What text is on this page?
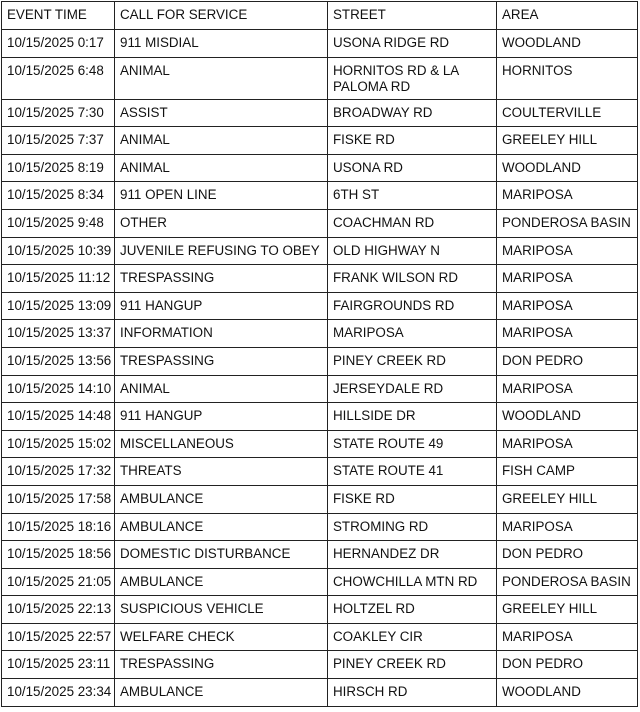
EVENT TIME	CALL FOR SERVICE	STREET	AREA
10/15/2025 0:17	911 MISDIAL	USONA RIDGE RD	WOODLAND
10/15/2025 6:48	ANIMAL	HORNITOS RD & LA PALOMA RD	HORNITOS
10/15/2025 7:30	ASSIST	BROADWAY RD	COULTERVILLE
10/15/2025 7:37	ANIMAL	FISKE RD	GREELEY HILL
10/15/2025 8:19	ANIMAL	USONA RD	WOODLAND
10/15/2025 8:34	911 OPEN LINE	6TH ST	MARIPOSA
10/15/2025 9:48	OTHER	COACHMAN RD	PONDEROSA BASIN
10/15/2025 10:39	JUVENILE REFUSING TO OBEY	OLD HIGHWAY N	MARIPOSA
10/15/2025 11:12	TRESPASSING	FRANK WILSON RD	MARIPOSA
10/15/2025 13:09	911 HANGUP	FAIRGROUNDS RD	MARIPOSA
10/15/2025 13:37	INFORMATION	MARIPOSA	MARIPOSA
10/15/2025 13:56	TRESPASSING	PINEY CREEK RD	DON PEDRO
10/15/2025 14:10	ANIMAL	JERSEYDALE RD	MARIPOSA
10/15/2025 14:48	911 HANGUP	HILLSIDE DR	WOODLAND
10/15/2025 15:02	MISCELLANEOUS	STATE ROUTE 49	MARIPOSA
10/15/2025 17:32	THREATS	STATE ROUTE 41	FISH CAMP
10/15/2025 17:58	AMBULANCE	FISKE RD	GREELEY HILL
10/15/2025 18:16	AMBULANCE	STROMING RD	MARIPOSA
10/15/2025 18:56	DOMESTIC DISTURBANCE	HERNANDEZ DR	DON PEDRO
10/15/2025 21:05	AMBULANCE	CHOWCHILLA MTN RD	PONDEROSA BASIN
10/15/2025 22:13	SUSPICIOUS VEHICLE	HOLTZEL RD	GREELEY HILL
10/15/2025 22:57	WELFARE CHECK	COAKLEY CIR	MARIPOSA
10/15/2025 23:11	TRESPASSING	PINEY CREEK RD	DON PEDRO
10/15/2025 23:34	AMBULANCE	HIRSCH RD	WOODLAND
